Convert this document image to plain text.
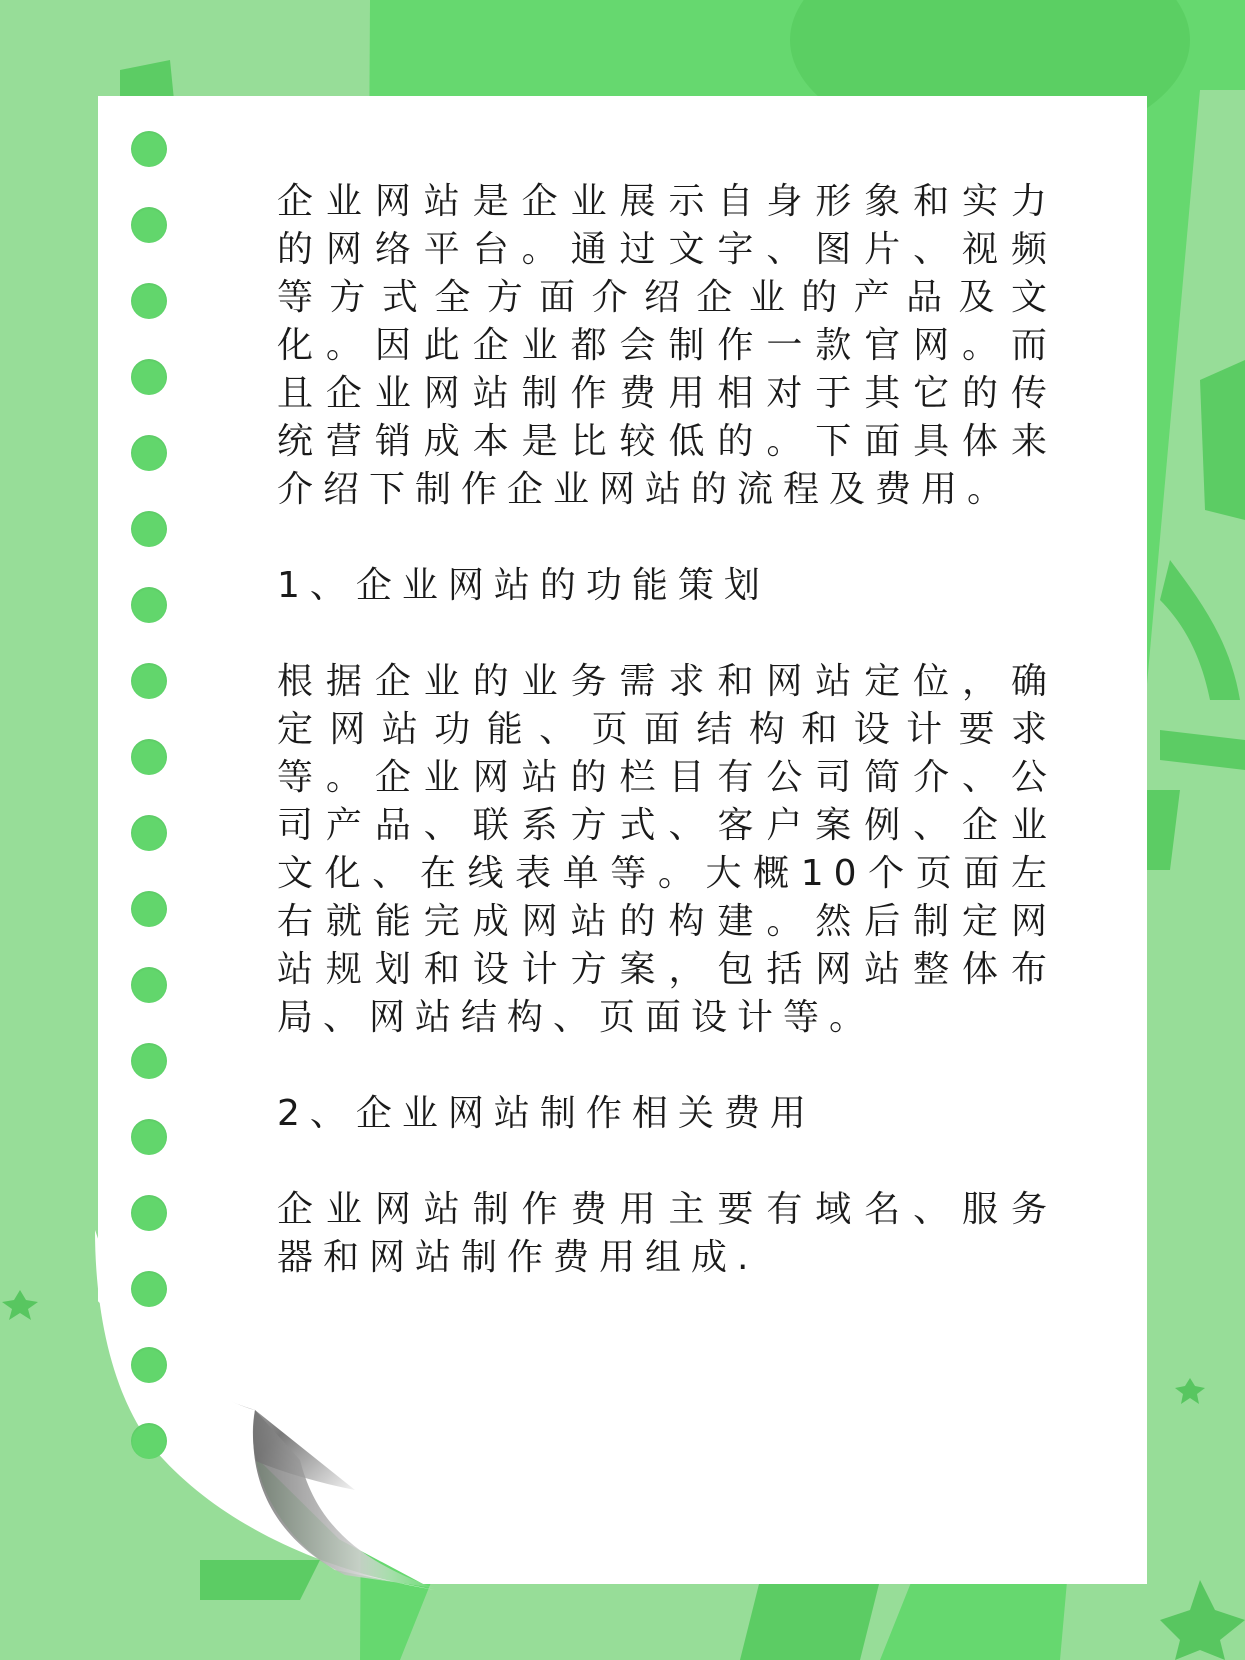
企业网站是企业展示自身形象和实力的网络平台。通过文字、图片、视频等方式全方面介绍企业的产品及文化。因此企业都会制作一款官网。而且企业网站制作费用相对于其它的传统营销成本是比较低的。下面具体来介绍下制作企业网站的流程及费用。

1、企业网站的功能策划

根据企业的业务需求和网站定位，确定网站功能、页面结构和设计要求等。企业网站的栏目有公司简介、公司产品、联系方式、客户案例、企业文化、在线表单等。大概10个页面左右就能完成网站的构建。然后制定网站规划和设计方案，包括网站整体布局、网站结构、页面设计等。

2、企业网站制作相关费用

企业网站制作费用主要有域名、服务器和网站制作费用组成.
